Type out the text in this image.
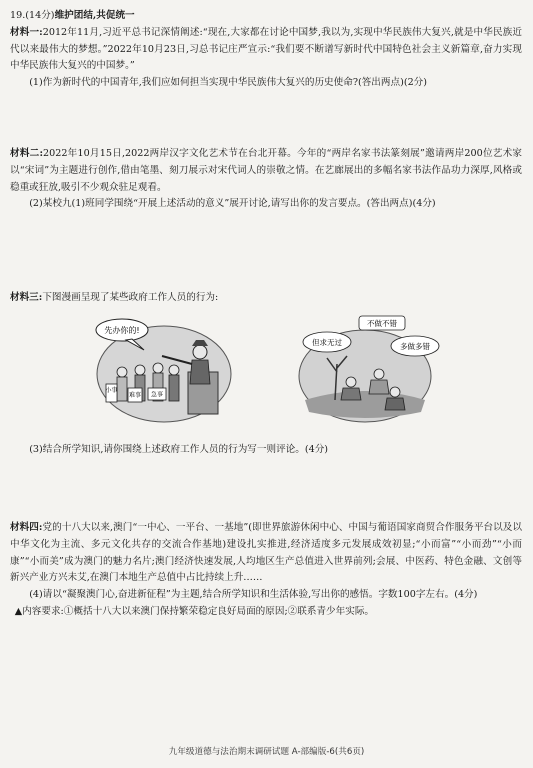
19.(14分)维护团结,共促统一
材料一:2012年11月,习近平总书记深情阐述:“现在,大家都在讨论中国梦,我以为,实现中华民族伟大复兴,就是中华民族近代以来最伟大的梦想。”2022年10月23日,习总书记庄严宣示:“我们要不断谱写新时代中国特色社会主义新篇章,奋力实现中华民族伟大复兴的中国梦。”
(1)作为新时代的中国青年,我们应如何担当实现中华民族伟大复兴的历史使命?(答出两点)(2分)
材料二:2022年10月15日,2022两岸汉字文化艺术节在台北开幕。今年的“两岸名家书法篆刻展”邀请两岸200位艺术家以“宋词”为主题进行创作,借由笔墨、刻刀展示对宋代词人的崇敬之情。在艺廊展出的多幅名家书法作品功力深厚,风格或稳重或狂放,吸引不少观众驻足观看。
(2)某校九(1)班同学围绕“开展上述活动的意义”展开讨论,请写出你的发言要点。(答出两点)(4分)
材料三:下图漫画呈现了某些政府工作人员的行为:
小事
难事 急事
先办你的!
不做不错
但求无过	多做多错
(3)结合所学知识,请你围绕上述政府工作人员的行为写一则评论。(4分)
材料四:党的十八大以来,澳门“一中心、一平台、一基地”(即世界旅游休闲中心、中国与葡语国家商贸合作服务平台以及以中华文化为主流、多元文化共存的交流合作基地)建设扎实推进,经济适度多元发展成效初显;“小而富”“小而劲”“小而康”“小而美”成为澳门的魅力名片;澳门经济快速发展,人均地区生产总值进入世界前列;会展、中医药、特色金融、文创等新兴产业方兴未艾,在澳门本地生产总值中占比持续上升……
(4)请以“凝聚澳门心,奋进新征程”为主题,结合所学知识和生活体验,写出你的感悟。字数100字左右。(4分)
▲内容要求:①概括十八大以来澳门保持繁荣稳定良好局面的原因;②联系青少年实际。
九年级道德与法治期末调研试题 A-部编版-6(共6页)
